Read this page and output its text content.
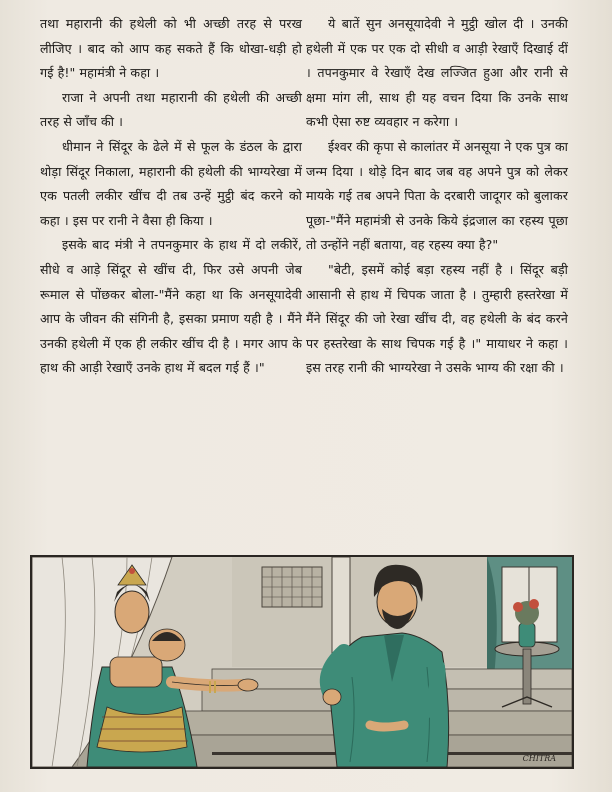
तथा महारानी की हथेली को भी अच्छी तरह से परख लीजिए । बाद को आप कह सकते हैं कि धोखा-धड़ी हो गई है!" महामंत्री ने कहा ।

राजा ने अपनी तथा महारानी की हथेली की अच्छी तरह से जाँच की ।

धीमान ने सिंदूर के ढेले में से फूल के डंठल के द्वारा थोड़ा सिंदूर निकाला, महारानी की हथेली की भाग्यरेखा में एक पतली लकीर खींच दी तब उन्हें मुट्ठी बंद करने को कहा । इस पर रानी ने वैसा ही किया ।

इसके बाद मंत्री ने तपनकुमार के हाथ में दो लकीरें, सीधे व आड़े सिंदूर से खींच दी, फिर उसे अपनी जेब रूमाल से पोंछकर बोला-"मैंने कहा था कि अनसूयादेवी आप के जीवन की संगिनी है, इसका प्रमाण यही है । मैंने उनकी हथेली में एक ही लकीर खींच दी है । मगर आप के हाथ की आड़ी रेखाएँ उनके हाथ में बदल गई हैं ।"

ये बातें सुन अनसूयादेवी ने मुट्ठी खोल दी । उनकी हथेली में एक पर एक दो सीधी व आड़ी रेखाएँ दिखाई दीं । तपनकुमार वे रेखाएँ देख लज्जित हुआ और रानी से क्षमा मांग ली, साथ ही यह वचन दिया कि उनके साथ कभी ऐसा रुष्ट व्यवहार न करेगा ।

ईश्वर की कृपा से कालांतर में अनसूया ने एक पुत्र का जन्म दिया । थोड़े दिन बाद जब वह अपने पुत्र को लेकर मायके गई तब अपने पिता के दरबारी जादूगर को बुलाकर पूछा-"मैंने महामंत्री से उनके किये इंद्रजाल का रहस्य पूछा तो उन्होंने नहीं बताया, वह रहस्य क्या है?"

"बेटी, इसमें कोई बड़ा रहस्य नहीं है । सिंदूर बड़ी आसानी से हाथ में चिपक जाता है । तुम्हारी हस्तरेखा में मैंने सिंदूर की जो रेखा खींच दी, वह हथेली के बंद करने पर हस्तरेखा के साथ चिपक गई है ।" मायाधर ने कहा । इस तरह रानी की भाग्यरेखा ने उसके भाग्य की रक्षा की ।

CHITRA
